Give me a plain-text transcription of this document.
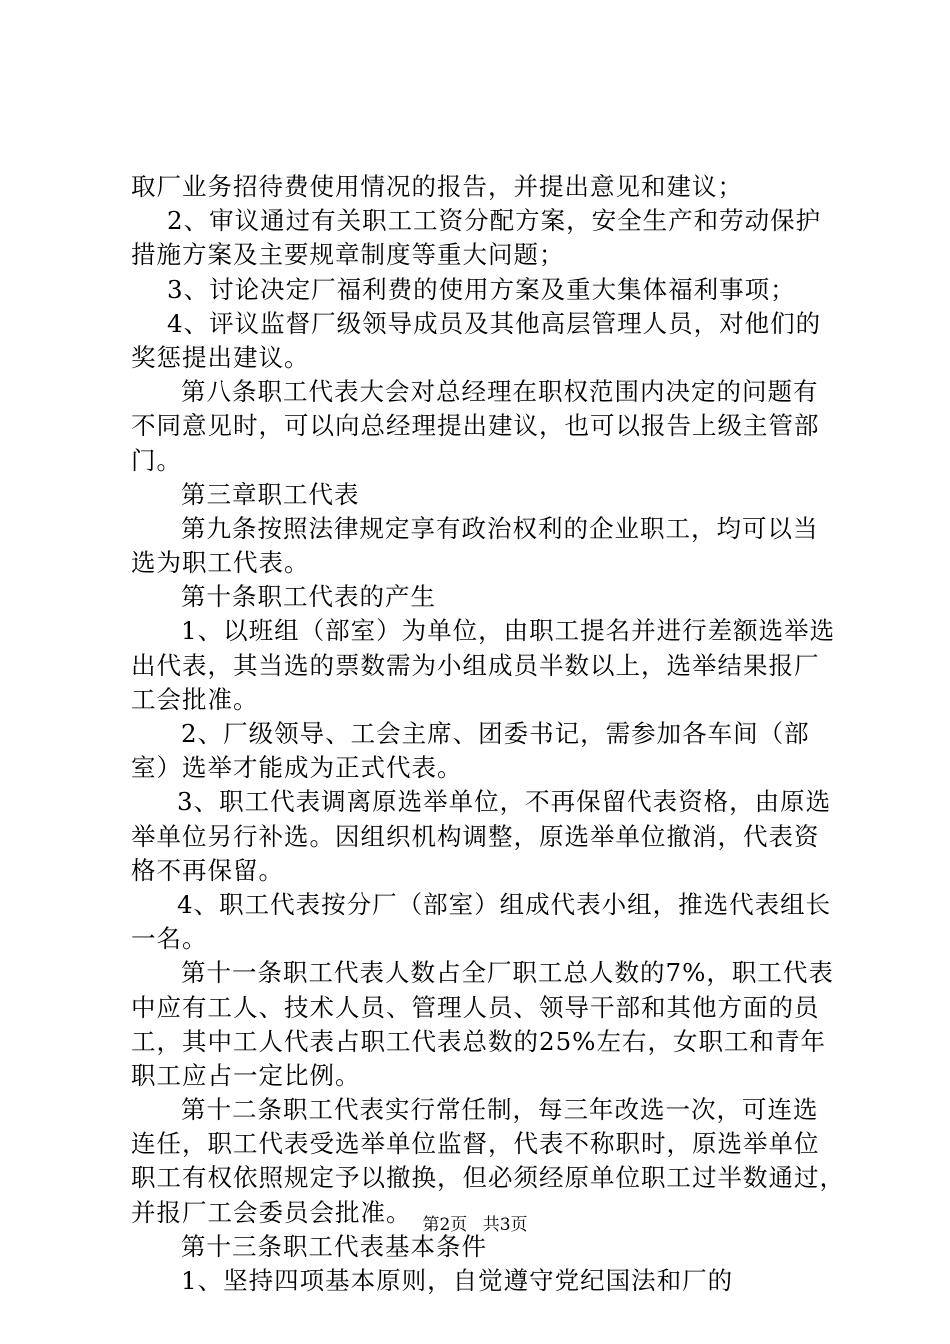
取厂业务招待费使用情况的报告，并提出意见和建议；
2、审议通过有关职工工资分配方案，安全生产和劳动保护
措施方案及主要规章制度等重大问题；
3、讨论决定厂福利费的使用方案及重大集体福利事项；
4、评议监督厂级领导成员及其他高层管理人员，对他们的
奖惩提出建议。
第八条职工代表大会对总经理在职权范围内决定的问题有
不同意见时，可以向总经理提出建议，也可以报告上级主管部
门。
第三章职工代表
第九条按照法律规定享有政治权利的企业职工，均可以当
选为职工代表。
第十条职工代表的产生
1、以班组（部室）为单位，由职工提名并进行差额选举选
出代表，其当选的票数需为小组成员半数以上，选举结果报厂
工会批准。
2、厂级领导、工会主席、团委书记，需参加各车间（部
室）选举才能成为正式代表。
3、职工代表调离原选举单位，不再保留代表资格，由原选
举单位另行补选。因组织机构调整，原选举单位撤消，代表资
格不再保留。
4、职工代表按分厂（部室）组成代表小组，推选代表组长
一名。
第十一条职工代表人数占全厂职工总人数的7%，职工代表
中应有工人、技术人员、管理人员、领导干部和其他方面的员
工，其中工人代表占职工代表总数的25%左右，女职工和青年
职工应占一定比例。
第十二条职工代表实行常任制，每三年改选一次，可连选
连任，职工代表受选举单位监督，代表不称职时，原选举单位
职工有权依照规定予以撤换，但必须经原单位职工过半数通过，
并报厂工会委员会批准。
第十三条职工代表基本条件
1、坚持四项基本原则，自觉遵守党纪国法和厂的
第2页 共3页
